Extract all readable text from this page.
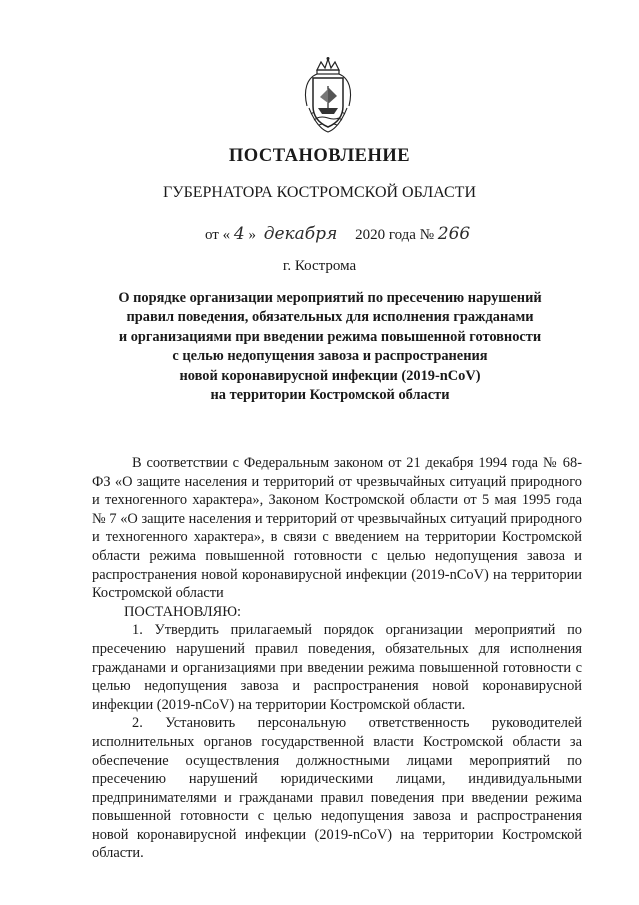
ПОСТАНОВЛЕНИЕ
ГУБЕРНАТОРА КОСТРОМСКОЙ ОБЛАСТИ
от « 4 » декабря 2020 года № 266
г. Кострома
О порядке организации мероприятий по пресечению нарушений
правил поведения, обязательных для исполнения гражданами
и организациями при введении режима повышенной готовности
с целью недопущения завоза и распространения
новой коронавирусной инфекции (2019-nCoV)
на территории Костромской области

В соответствии с Федеральным законом от 21 декабря 1994 года № 68-ФЗ «О защите населения и территорий от чрезвычайных ситуаций природного и техногенного характера», Законом Костромской области от 5 мая 1995 года № 7 «О защите населения и территорий от чрезвычайных ситуаций природного и техногенного характера», в связи с введением на территории Костромской области режима повышенной готовности с целью недопущения завоза и распространения новой коронавирусной инфекции (2019-nCoV) на территории Костромской области

ПОСТАНОВЛЯЮ:

1. Утвердить прилагаемый порядок организации мероприятий по пресечению нарушений правил поведения, обязательных для исполнения гражданами и организациями при введении режима повышенной готовности с целью недопущения завоза и распространения новой коронавирусной инфекции (2019-nCoV) на территории Костромской области.

2. Установить персональную ответственность руководителей исполнительных органов государственной власти Костромской области за обеспечение осуществления должностными лицами мероприятий по пресечению нарушений юридическими лицами, индивидуальными предпринимателями и гражданами правил поведения при введении режима повышенной готовности с целью недопущения завоза и распространения новой коронавирусной инфекции (2019-nCoV) на территории Костромской области.
